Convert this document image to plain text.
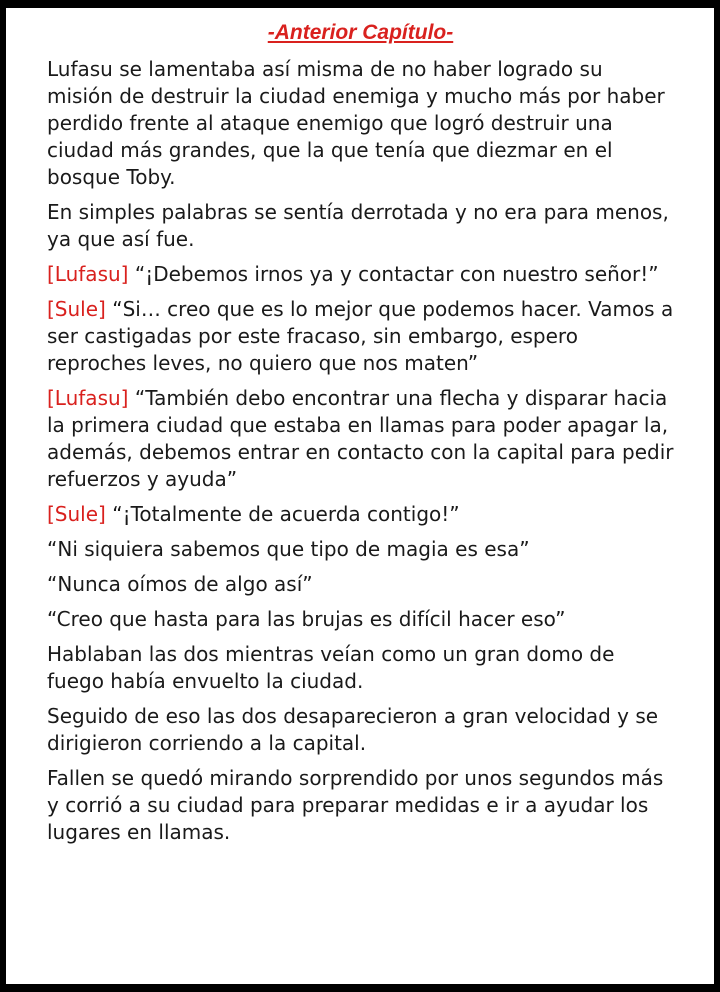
-Anterior Capítulo-

Lufasu se lamentaba así misma de no haber logrado su misión de destruir la ciudad enemiga y mucho más por haber perdido frente al ataque enemigo que logró destruir una ciudad más grandes, que la que tenía que diezmar en el bosque Toby.

En simples palabras se sentía derrotada y no era para menos, ya que así fue.

[Lufasu] “¡Debemos irnos ya y contactar con nuestro señor!”

[Sule] “Si… creo que es lo mejor que podemos hacer. Vamos a ser castigadas por este fracaso, sin embargo, espero reproches leves, no quiero que nos maten”

[Lufasu] “También debo encontrar una flecha y disparar hacia la primera ciudad que estaba en llamas para poder apagar la, además, debemos entrar en contacto con la capital para pedir refuerzos y ayuda”

[Sule] “¡Totalmente de acuerda contigo!”

“Ni siquiera sabemos que tipo de magia es esa”

“Nunca oímos de algo así”

“Creo que hasta para las brujas es difícil hacer eso”

Hablaban las dos mientras veían como un gran domo de fuego había envuelto la ciudad.

Seguido de eso las dos desaparecieron a gran velocidad y se dirigieron corriendo a la capital.

Fallen se quedó mirando sorprendido por unos segundos más y corrió a su ciudad para preparar medidas e ir a ayudar los lugares en llamas.
